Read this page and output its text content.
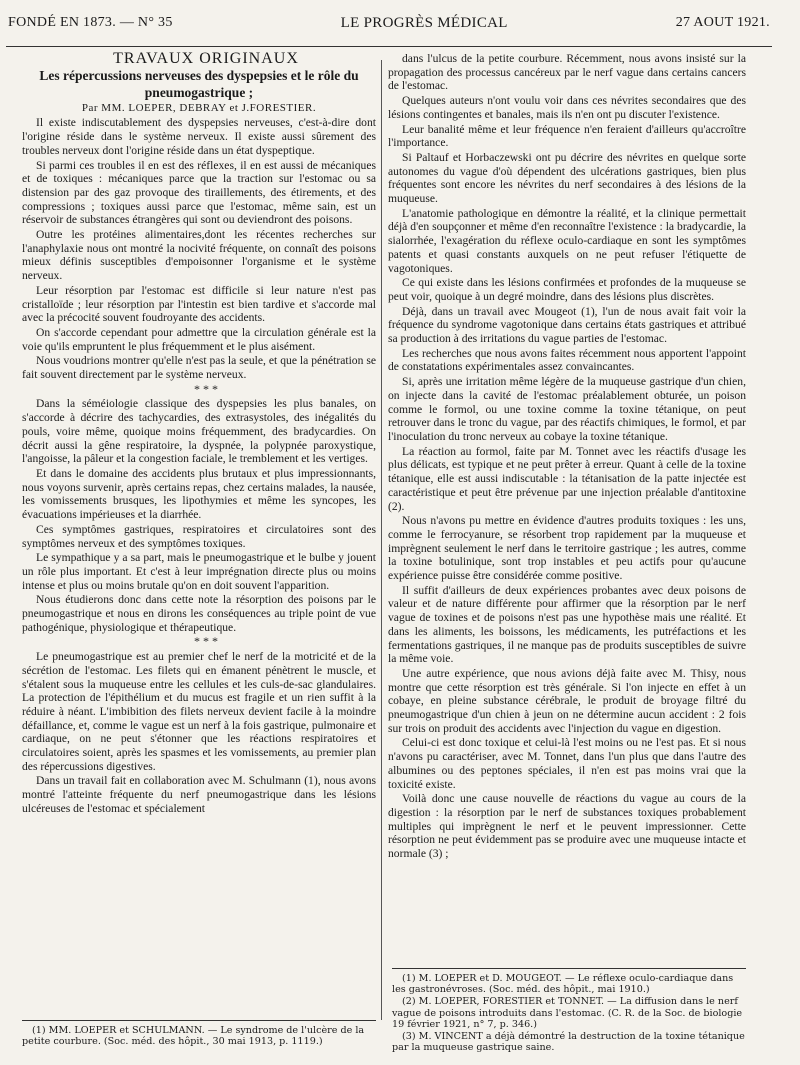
FONDÉ EN 1873. — N° 35	LE PROGRÈS MÉDICAL	27 AOUT 1921.

TRAVAUX ORIGINAUX

Les répercussions nerveuses des dyspepsies et le rôle du pneumogastrique ;

Par MM. LOEPER, DEBRAY et J.FORESTIER.

Il existe indiscutablement des dyspepsies nerveuses, c'est-à-dire dont l'origine réside dans le système nerveux. Il existe aussi sûrement des troubles nerveux dont l'origine réside dans un état dyspeptique.

Si parmi ces troubles il en est des réflexes, il en est aussi de mécaniques et de toxiques : mécaniques parce que la traction sur l'estomac ou sa distension par des gaz provoque des tiraillements, des étirements, et des compressions ; toxiques aussi parce que l'estomac, même sain, est un réservoir de substances étrangères qui sont ou deviendront des poisons.

Outre les protéines alimentaires,dont les récentes recherches sur l'anaphylaxie nous ont montré la nocivité fréquente, on connaît des poisons mieux définis susceptibles d'empoisonner l'organisme et le système nerveux.

Leur résorption par l'estomac est difficile si leur nature n'est pas cristalloïde ; leur résorption par l'intestin est bien tardive et s'accorde mal avec la précocité souvent foudroyante des accidents.

On s'accorde cependant pour admettre que la circulation générale est la voie qu'ils empruntent le plus fréquemment et le plus aisément.

Nous voudrions montrer qu'elle n'est pas la seule, et que la pénétration se fait souvent directement par le système nerveux.

* * *

Dans la séméiologie classique des dyspepsies les plus banales, on s'accorde à décrire des tachycardies, des extrasystoles, des inégalités du pouls, voire même, quoique moins fréquemment, des bradycardies. On décrit aussi la gêne respiratoire, la dyspnée, la polypnée paroxystique, l'angoisse, la pâleur et la congestion faciale, le tremblement et les vertiges.

Et dans le domaine des accidents plus brutaux et plus impressionnants, nous voyons survenir, après certains repas, chez certains malades, la nausée, les vomissements brusques, les lipothymies et même les syncopes, les évacuations impérieuses et la diarrhée.

Ces symptômes gastriques, respiratoires et circulatoires sont des symptômes nerveux et des symptômes toxiques.

Le sympathique y a sa part, mais le pneumogastrique et le bulbe y jouent un rôle plus important. Et c'est à leur imprégnation directe plus ou moins intense et plus ou moins brutale qu'on en doit souvent l'apparition.

Nous étudierons donc dans cette note la résorption des poisons par le pneumogastrique et nous en dirons les conséquences au triple point de vue pathogénique, physiologique et thérapeutique.

* * *

Le pneumogastrique est au premier chef le nerf de la motricité et de la sécrétion de l'estomac. Les filets qui en émanent pénètrent le muscle, et s'étalent sous la muqueuse entre les cellules et les culs-de-sac glandulaires. La protection de l'épithélium et du mucus est fragile et un rien suffit à la réduire à néant. L'imbibition des filets nerveux devient facile à la moindre défaillance, et, comme le vague est un nerf à la fois gastrique, pulmonaire et cardiaque, on ne peut s'étonner que les réactions respiratoires et circulatoires soient, après les spasmes et les vomissements, au premier plan des répercussions digestives.

Dans un travail fait en collaboration avec M. Schulmann (1), nous avons montré l'atteinte fréquente du nerf pneumogastrique dans les lésions ulcéreuses de l'estomac et spécialement

(1) MM. LOEPER et SCHULMANN. — Le syndrome de l'ulcère de la petite courbure. (Soc. méd. des hôpit., 30 mai 1913, p. 1119.)

dans l'ulcus de la petite courbure. Récemment, nous avons insisté sur la propagation des processus cancéreux par le nerf vague dans certains cancers de l'estomac.

Quelques auteurs n'ont voulu voir dans ces névrites secondaires que des lésions contingentes et banales, mais ils n'en ont pu discuter l'existence.

Leur banalité même et leur fréquence n'en feraient d'ailleurs qu'accroître l'importance.

Si Paltauf et Horbaczewski ont pu décrire des névrites en quelque sorte autonomes du vague d'où dépendent des ulcérations gastriques, bien plus fréquentes sont encore les névrites du nerf secondaires à des lésions de la muqueuse.

L'anatomie pathologique en démontre la réalité, et la clinique permettait déjà d'en soupçonner et même d'en reconnaître l'existence : la bradycardie, la sialorrhée, l'exagération du réflexe oculo-cardiaque en sont les symptômes patents et quasi constants auxquels on ne peut refuser l'étiquette de vagotoniques.

Ce qui existe dans les lésions confirmées et profondes de la muqueuse se peut voir, quoique à un degré moindre, dans des lésions plus discrètes.

Déjà, dans un travail avec Mougeot (1), l'un de nous avait fait voir la fréquence du syndrome vagotonique dans certains états gastriques et attribué sa production à des irritations du vague parties de l'estomac.

Les recherches que nous avons faites récemment nous apportent l'appoint de constatations expérimentales assez convaincantes.

Si, après une irritation même légère de la muqueuse gastrique d'un chien, on injecte dans la cavité de l'estomac préalablement obturée, un poison comme le formol, ou une toxine comme la toxine tétanique, on peut retrouver dans le tronc du vague, par des réactifs chimiques, le formol, et par l'inoculation du tronc nerveux au cobaye la toxine tétanique.

La réaction au formol, faite par M. Tonnet avec les réactifs d'usage les plus délicats, est typique et ne peut prêter à erreur. Quant à celle de la toxine tétanique, elle est aussi indiscutable : la tétanisation de la patte injectée est caractéristique et peut être prévenue par une injection préalable d'antitoxine (2).

Nous n'avons pu mettre en évidence d'autres produits toxiques : les uns, comme le ferrocyanure, se résorbent trop rapidement par la muqueuse et imprègnent seulement le nerf dans le territoire gastrique ; les autres, comme la toxine botulinique, sont trop instables et peu actifs pour qu'aucune expérience puisse être considérée comme positive.

Il suffit d'ailleurs de deux expériences probantes avec deux poisons de valeur et de nature différente pour affirmer que la résorption par le nerf vague de toxines et de poisons n'est pas une hypothèse mais une réalité. Et dans les aliments, les boissons, les médicaments, les putréfactions et les fermentations gastriques, il ne manque pas de produits susceptibles de suivre la même voie.

Une autre expérience, que nous avions déjà faite avec M. Thisy, nous montre que cette résorption est très générale. Si l'on injecte en effet à un cobaye, en pleine substance cérébrale, le produit de broyage filtré du pneumogastrique d'un chien à jeun on ne détermine aucun accident : 2 fois sur trois on produit des accidents avec l'injection du vague en digestion.

Celui-ci est donc toxique et celui-là l'est moins ou ne l'est pas. Et si nous n'avons pu caractériser, avec M. Tonnet, dans l'un plus que dans l'autre des albumines ou des peptones spéciales, il n'en est pas moins vrai que la toxicité existe.

Voilà donc une cause nouvelle de réactions du vague au cours de la digestion : la résorption par le nerf de substances toxiques probablement multiples qui imprègnent le nerf et le peuvent impressionner. Cette résorption ne peut évidemment pas se produire avec une muqueuse intacte et normale (3) ;

(1) M. LOEPER et D. MOUGEOT. — Le réflexe oculo-cardiaque dans les gastronévroses. (Soc. méd. des hôpit., mai 1910.)

(2) M. LOEPER, FORESTIER et TONNET. — La diffusion dans le nerf vague de poisons introduits dans l'estomac. (C. R. de la Soc. de biologie 19 février 1921, n° 7, p. 346.)

(3) M. VINCENT a déjà démontré la destruction de la toxine tétanique par la muqueuse gastrique saine.
